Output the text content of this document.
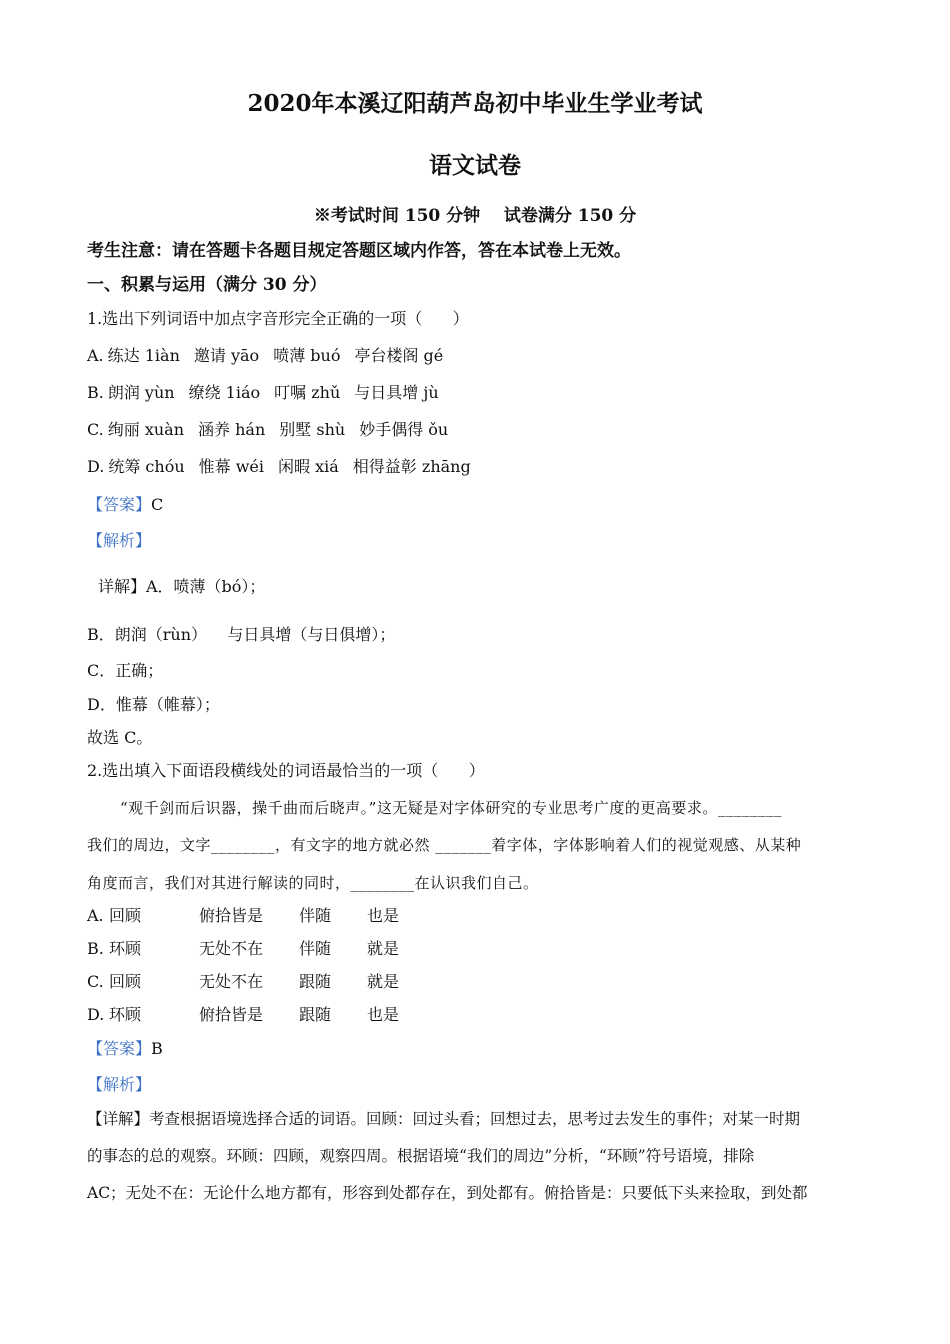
2020年本溪辽阳葫芦岛初中毕业生学业考试
语文试卷
※考试时间 150 分钟    试卷满分 150 分
考生注意：请在答题卡各题目规定答题区域内作答，答在本试卷上无效。
一、积累与运用（满分 30 分）
1.选出下列词语中加点字音形完全正确的一项（      ）
A. 练达 1iàn 邀请 yāo 喷薄 buó 亭台楼阁 gé
B. 朗润 yùn 缭绕 1iáo 叮嘱 zhǔ 与日具增 jù
C. 绚丽 xuàn 涵养 hán 别墅 shù 妙手偶得 ǒu
D. 统筹 chóu 惟幕 wéi 闲暇 xiá 相得益彰 zhāng
【答案】C
【解析】
详解】A．喷薄（bó）；
B．朗润（rùn）    与日具增（与日俱增）；
C．正确；
D．惟幕（帷幕）；
故选 C。
2.选出填入下面语段横线处的词语最恰当的一项（      ）
“观千剑而后识器，操千曲而后晓声。”这无疑是对字体研究的专业思考广度的更高要求。________
我们的周边，文字________，有文字的地方就必然 _______着字体，字体影响着人们的视觉观感、从某种
角度而言，我们对其进行解读的同时，________在认识我们自己。
A. 回顾	俯拾皆是 伴随 也是
B. 环顾	无处不在 伴随 就是
C. 回顾	无处不在 跟随 就是
D. 环顾	俯拾皆是 跟随 也是
【答案】B
【解析】
【详解】考查根据语境选择合适的词语。回顾：回过头看；回想过去，思考过去发生的事件；对某一时期
的事态的总的观察。环顾：四顾，观察四周。根据语境“我们的周边”分析，“环顾”符号语境，排除
AC；无处不在：无论什么地方都有，形容到处都存在，到处都有。俯拾皆是：只要低下头来捡取，到处都
